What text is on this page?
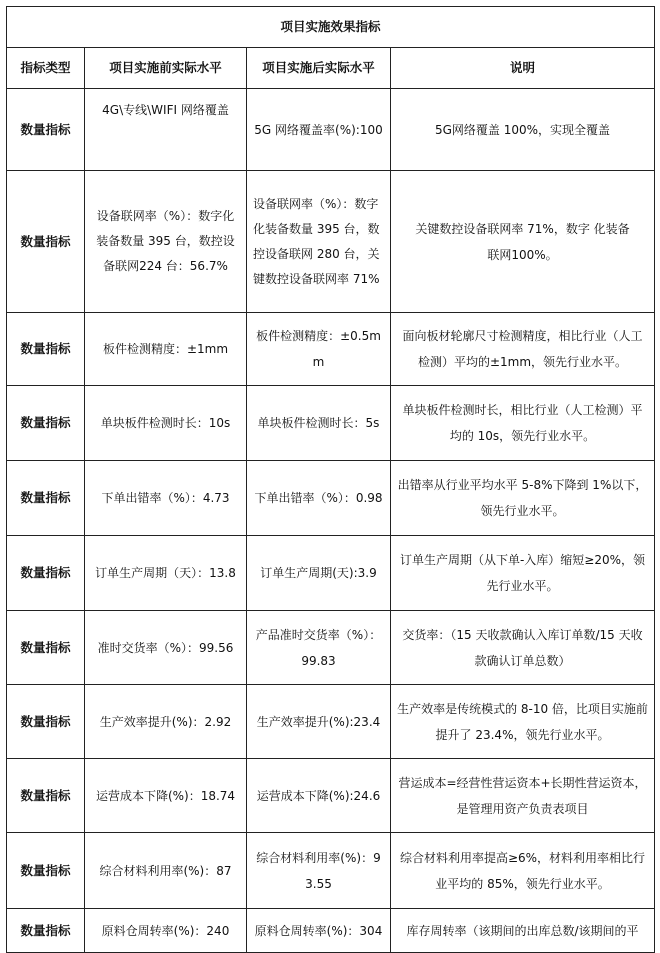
项目实施效果指标			
指标类型	项目实施前实际水平	项目实施后实际水平	说明
数量指标	4G\专线\WIFI 网络覆盖	5G 网络覆盖率(%):100	5G网络覆盖 100%，实现全覆盖
数量指标	设备联网率（%）：数字化装备数量 395 台，数控设备联网224 台：56.7%	设备联网率（%）：数字化装备数量 395 台，数控设备联网 280 台，关键数控设备联网率 71%	关键数控设备联网率 71%，数字 化装备联网100%。
数量指标	板件检测精度：±1mm	板件检测精度：±0.5mm	面向板材轮廓尺寸检测精度，相比行业（人工检测）平均的±1mm，领先行业水平。
数量指标	单块板件检测时长：10s	单块板件检测时长：5s	单块板件检测时长，相比行业（人工检测）平均的 10s，领先行业水平。
数量指标	下单出错率（%）：4.73	下单出错率（%）：0.98	出错率从行业平均水平 5-8%下降到 1%以下，领先行业水平。
数量指标	订单生产周期（天）：13.8	订单生产周期(天):3.9	订单生产周期（从下单-入库）缩短≥20%，领先行业水平。
数量指标	准时交货率（%）：99.56	产品准时交货率（%）：99.83	交货率：（15 天收款确认入库订单数/15 天收款确认订单总数）
数量指标	生产效率提升(%)：2.92	生产效率提升(%):23.4	生产效率是传统模式的 8-10 倍，比项目实施前提升了 23.4%，领先行业水平。
数量指标	运营成本下降(%)：18.74	运营成本下降(%):24.6	营运成本=经营性营运资本+长期性营运资本，是管理用资产负责表项目
数量指标	综合材料利用率(%)：87	综合材料利用率(%)：93.55	综合材料利用率提高≥6%，材料利用率相比行业平均的 85%，领先行业水平。
数量指标	原料仓周转率(%)：240	原料仓周转率(%)：304	库存周转率（该期间的出库总数/该期间的平
